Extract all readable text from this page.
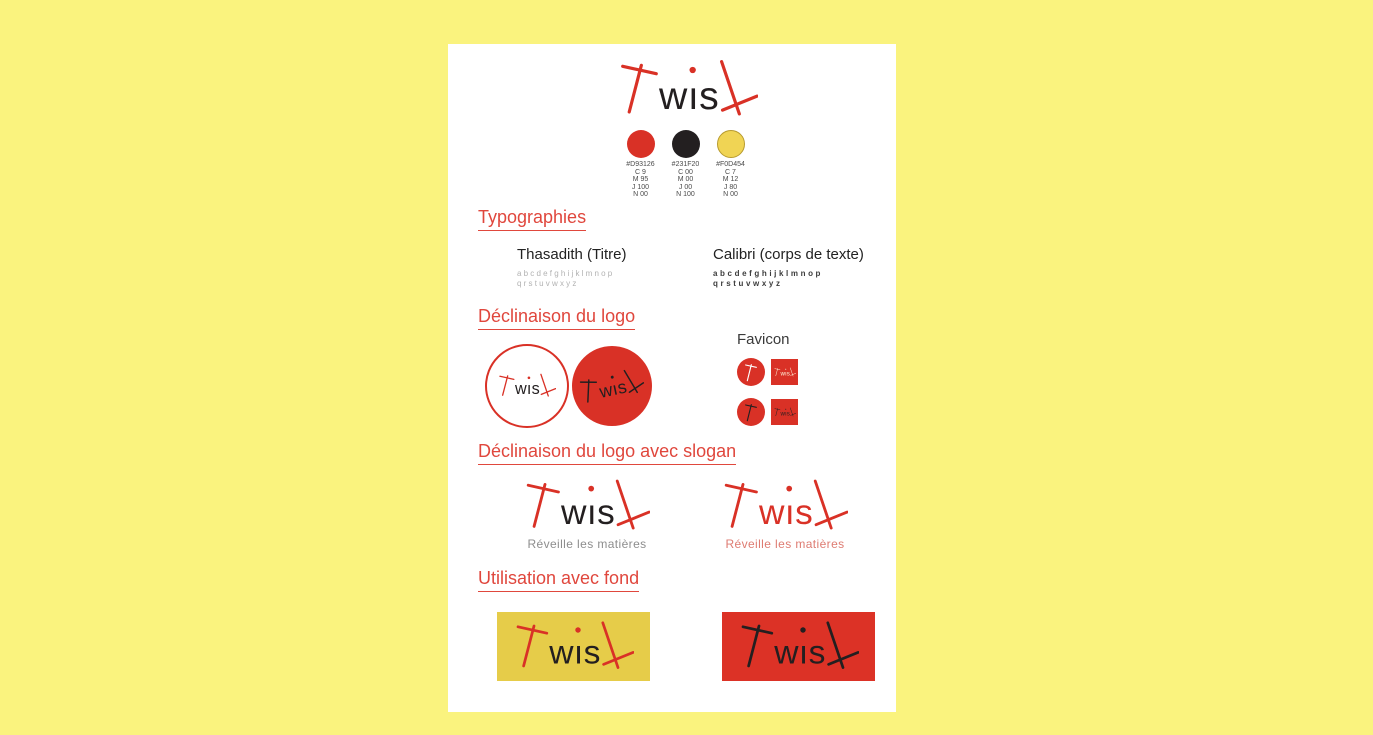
#D93126
C 9
M 95
J 100
N 00
#231F20
C 00
M 00
J 00
N 100
#F0D454
C 7
M 12
J 80
N 00
Typographies
Thasadith (Titre)
abcdefghijklmnop
qrstuvwxyz
Calibri (corps de texte)
abcdefghijklmnop
qrstuvwxyz
Déclinaison du logo
Favicon
Déclinaison du logo avec slogan
Réveille les matières	Réveille les matières
Utilisation avec fond
